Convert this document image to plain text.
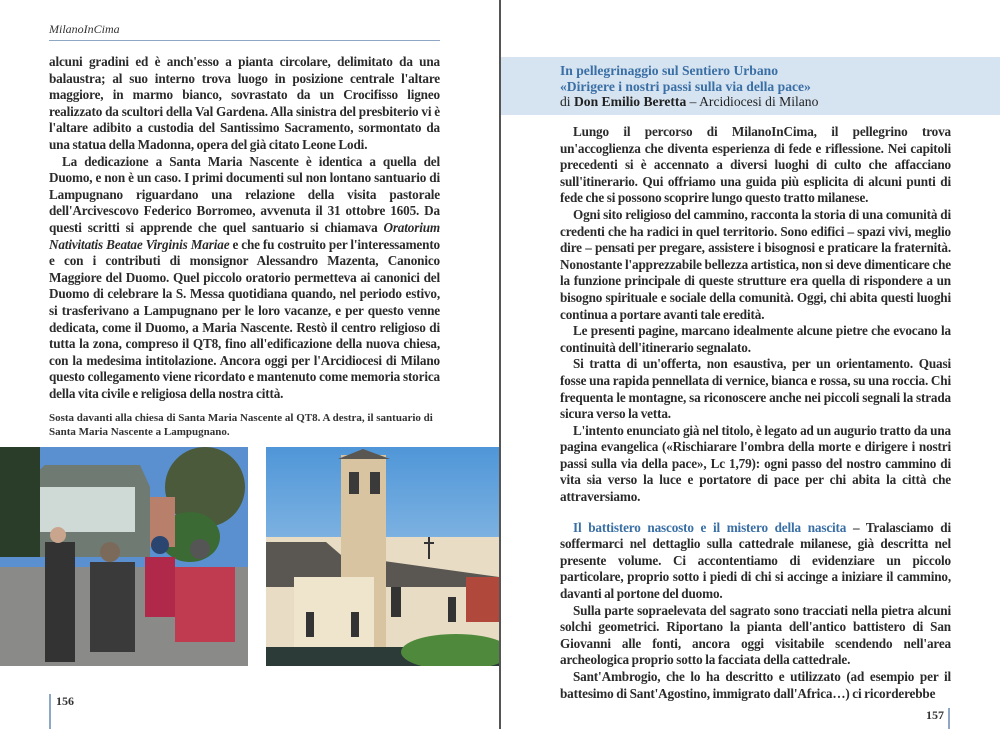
MilanoInCima

alcuni gradini ed è anch'esso a pianta circolare, delimitato da una balaustra; al suo interno trova luogo in posizione centrale l'altare maggiore, in marmo bianco, sovrastato da un Crocifisso ligneo realizzato da scultori della Val Gardena. Alla sinistra del presbiterio vi è l'altare adibito a custodia del Santissimo Sacramento, sormontato da una statua della Madonna, opera del già citato Leone Lodi.

La dedicazione a Santa Maria Nascente è identica a quella del Duomo, e non è un caso. I primi documenti sul non lontano santuario di Lampugnano riguardano una relazione della visita pastorale dell'Arcivescovo Federico Borromeo, avvenuta il 31 ottobre 1605. Da questi scritti si apprende che quel santuario si chiamava Oratorium Nativitatis Beatae Virginis Mariae e che fu costruito per l'interessamento e con i contributi di monsignor Alessandro Mazenta, Canonico Maggiore del Duomo. Quel piccolo oratorio permetteva ai canonici del Duomo di celebrare la S. Messa quotidiana quando, nel periodo estivo, si trasferivano a Lampugnano per le loro vacanze, e per questo venne dedicata, come il Duomo, a Maria Nascente. Restò il centro religioso di tutta la zona, compreso il QT8, fino all'edificazione della nuova chiesa, con la medesima intitolazione. Ancora oggi per l'Arcidiocesi di Milano questo collegamento viene ricordato e mantenuto come memoria storica della vita civile e religiosa della nostra città.

Sosta davanti alla chiesa di Santa Maria Nascente al QT8. A destra, il santuario di Santa Maria Nascente a Lampugnano.
156
In pellegrinaggio sul Sentiero Urbano
«Dirigere i nostri passi sulla via della pace»
di Don Emilio Beretta – Arcidiocesi di Milano

Lungo il percorso di MilanoInCima, il pellegrino trova un'accoglienza che diventa esperienza di fede e riflessione. Nei capitoli precedenti si è accennato a diversi luoghi di culto che affacciano sull'itinerario. Qui offriamo una guida più esplicita di alcuni punti di fede che si possono scoprire lungo questo tratto milanese.

Ogni sito religioso del cammino, racconta la storia di una comunità di credenti che ha radici in quel territorio. Sono edifici – spazi vivi, meglio dire – pensati per pregare, assistere i bisognosi e praticare la fraternità. Nonostante l'apprezzabile bellezza artistica, non si deve dimenticare che la funzione principale di queste strutture era quella di rispondere a un bisogno spirituale e sociale della comunità. Oggi, chi abita questi luoghi continua a portare avanti tale eredità.

Le presenti pagine, marcano idealmente alcune pietre che evocano la continuità dell'itinerario segnalato.

Si tratta di un'offerta, non esaustiva, per un orientamento. Quasi fosse una rapida pennellata di vernice, bianca e rossa, su una roccia. Chi frequenta le montagne, sa riconoscere anche nei piccoli segnali la strada sicura verso la vetta.

L'intento enunciato già nel titolo, è legato ad un augurio tratto da una pagina evangelica («Rischiarare l'ombra della morte e dirigere i nostri passi sulla via della pace», Lc 1,79): ogni passo del nostro cammino di vita sia verso la luce e portatore di pace per chi abita la città che attraversiamo.

Il battistero nascosto e il mistero della nascita – Tralasciamo di soffermarci nel dettaglio sulla cattedrale milanese, già descritta nel presente volume. Ci accontentiamo di evidenziare un piccolo particolare, proprio sotto i piedi di chi si accinge a iniziare il cammino, davanti al portone del duomo.

Sulla parte sopraelevata del sagrato sono tracciati nella pietra alcuni solchi geometrici. Riportano la pianta dell'antico battistero di San Giovanni alle fonti, ancora oggi visitabile scendendo nell'area archeologica proprio sotto la facciata della cattedrale.

Sant'Ambrogio, che lo ha descritto e utilizzato (ad esempio per il battesimo di Sant'Agostino, immigrato dall'Africa…) ci ricorderebbe

157
